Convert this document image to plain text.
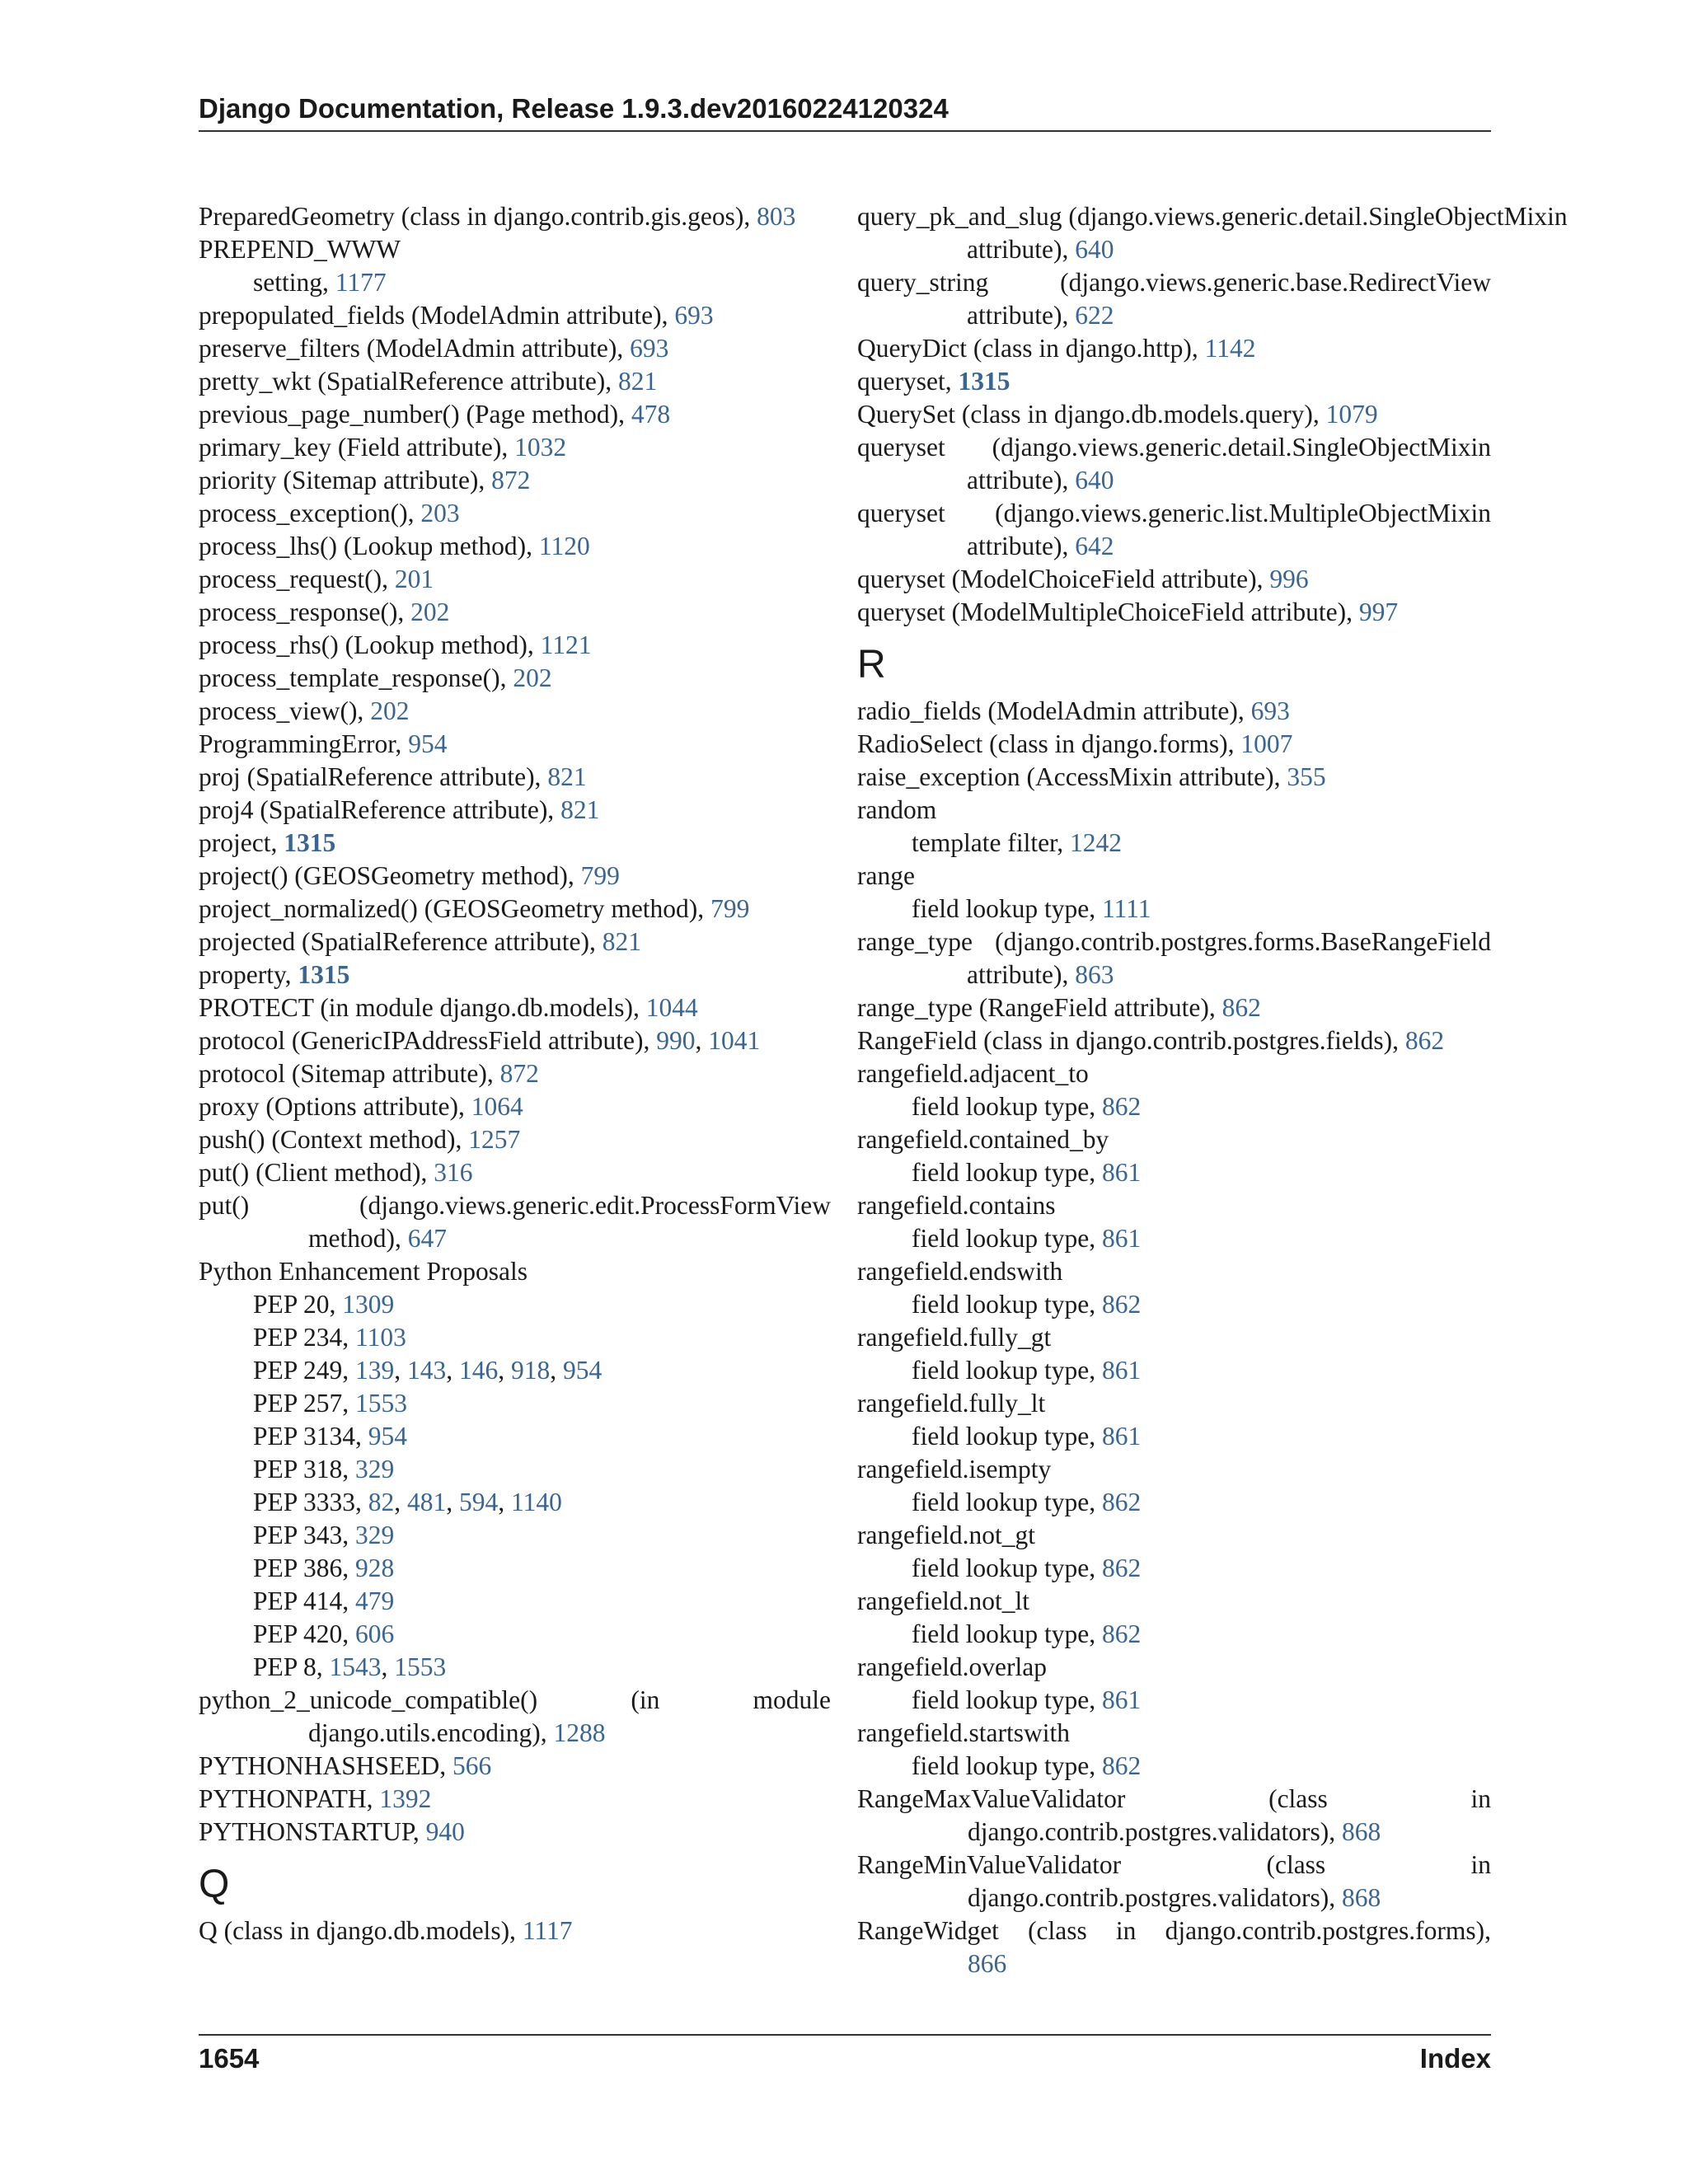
Django Documentation, Release 1.9.3.dev20160224120324
PreparedGeometry (class in django.contrib.gis.geos), 803
PREPEND_WWW
setting, 1177
prepopulated_fields (ModelAdmin attribute), 693
preserve_filters (ModelAdmin attribute), 693
pretty_wkt (SpatialReference attribute), 821
previous_page_number() (Page method), 478
primary_key (Field attribute), 1032
priority (Sitemap attribute), 872
process_exception(), 203
process_lhs() (Lookup method), 1120
process_request(), 201
process_response(), 202
process_rhs() (Lookup method), 1121
process_template_response(), 202
process_view(), 202
ProgrammingError, 954
proj (SpatialReference attribute), 821
proj4 (SpatialReference attribute), 821
project, 1315
project() (GEOSGeometry method), 799
project_normalized() (GEOSGeometry method), 799
projected (SpatialReference attribute), 821
property, 1315
PROTECT (in module django.db.models), 1044
protocol (GenericIPAddressField attribute), 990, 1041
protocol (Sitemap attribute), 872
proxy (Options attribute), 1064
push() (Context method), 1257
put() (Client method), 316
put() (django.views.generic.edit.ProcessFormView
method), 647
Python Enhancement Proposals
PEP 20, 1309
PEP 234, 1103
PEP 249, 139, 143, 146, 918, 954
PEP 257, 1553
PEP 3134, 954
PEP 318, 329
PEP 3333, 82, 481, 594, 1140
PEP 343, 329
PEP 386, 928
PEP 414, 479
PEP 420, 606
PEP 8, 1543, 1553
python_2_unicode_compatible() (in module
django.utils.encoding), 1288
PYTHONHASHSEED, 566
PYTHONPATH, 1392
PYTHONSTARTUP, 940
Q
Q (class in django.db.models), 1117
query_pk_and_slug (django.views.generic.detail.SingleObjectMixin
attribute), 640
query_string (django.views.generic.base.RedirectView
attribute), 622
QueryDict (class in django.http), 1142
queryset, 1315
QuerySet (class in django.db.models.query), 1079
queryset (django.views.generic.detail.SingleObjectMixin
attribute), 640
queryset (django.views.generic.list.MultipleObjectMixin
attribute), 642
queryset (ModelChoiceField attribute), 996
queryset (ModelMultipleChoiceField attribute), 997
R
radio_fields (ModelAdmin attribute), 693
RadioSelect (class in django.forms), 1007
raise_exception (AccessMixin attribute), 355
random
template filter, 1242
range
field lookup type, 1111
range_type (django.contrib.postgres.forms.BaseRangeField
attribute), 863
range_type (RangeField attribute), 862
RangeField (class in django.contrib.postgres.fields), 862
rangefield.adjacent_to
field lookup type, 862
rangefield.contained_by
field lookup type, 861
rangefield.contains
field lookup type, 861
rangefield.endswith
field lookup type, 862
rangefield.fully_gt
field lookup type, 861
rangefield.fully_lt
field lookup type, 861
rangefield.isempty
field lookup type, 862
rangefield.not_gt
field lookup type, 862
rangefield.not_lt
field lookup type, 862
rangefield.overlap
field lookup type, 861
rangefield.startswith
field lookup type, 862
RangeMaxValueValidator (class in
django.contrib.postgres.validators), 868
RangeMinValueValidator (class in
django.contrib.postgres.validators), 868
RangeWidget (class in django.contrib.postgres.forms),
866
1654	Index
